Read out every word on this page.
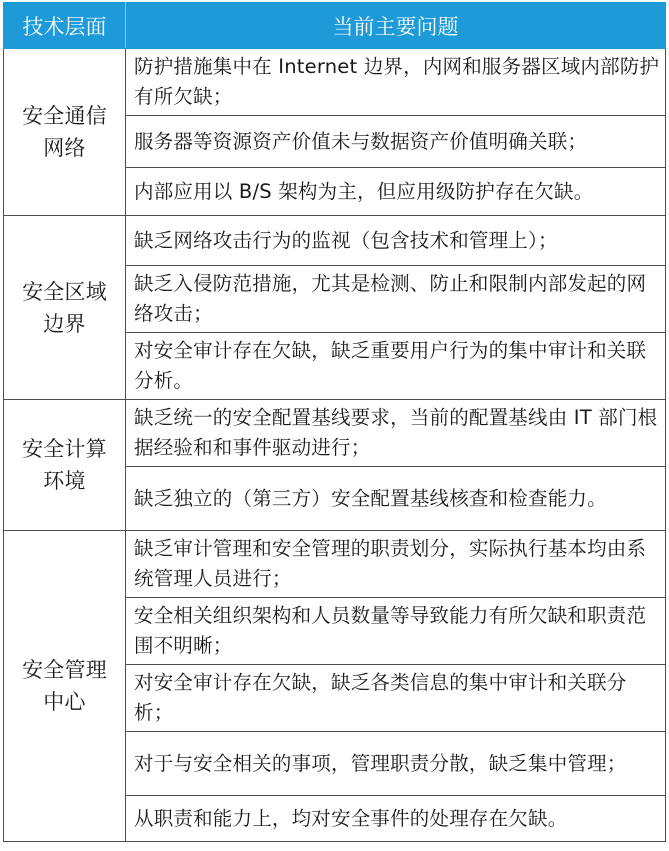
技术层面	当前主要问题
安全通信网络	防护措施集中在 Internet 边界，内网和服务器区域内部防护有所欠缺；
	服务器等资源资产价值未与数据资产价值明确关联；
	内部应用以 B/S 架构为主，但应用级防护存在欠缺。
安全区域边界	缺乏网络攻击行为的监视（包含技术和管理上）；
	缺乏入侵防范措施，尤其是检测、防止和限制内部发起的网络攻击；
	对安全审计存在欠缺，缺乏重要用户行为的集中审计和关联分析。
安全计算环境	缺乏统一的安全配置基线要求，当前的配置基线由 IT 部门根据经验和和事件驱动进行；
	缺乏独立的（第三方）安全配置基线核查和检查能力。
安全管理中心	缺乏审计管理和安全管理的职责划分，实际执行基本均由系统管理人员进行；
	安全相关组织架构和人员数量等导致能力有所欠缺和职责范围不明晰；
	对安全审计存在欠缺，缺乏各类信息的集中审计和关联分析；
	对于与安全相关的事项，管理职责分散，缺乏集中管理；
	从职责和能力上，均对安全事件的处理存在欠缺。
